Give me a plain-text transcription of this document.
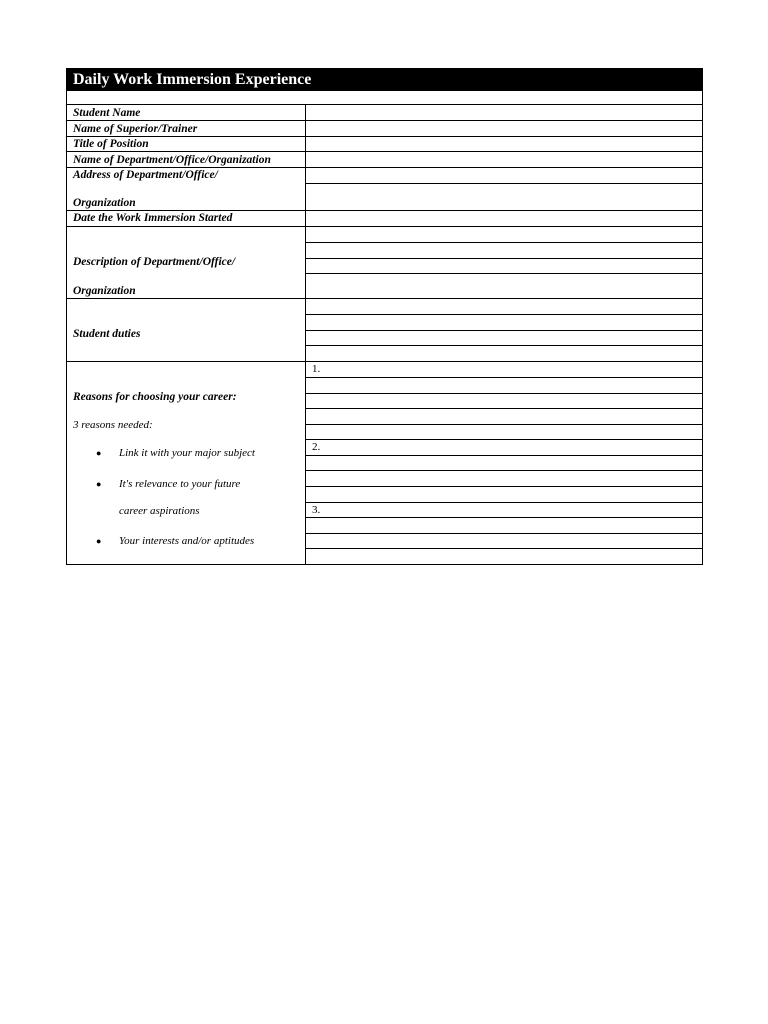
Daily Work Immersion Experience
Student Name
Name of Superior/Trainer
Title of Position
Name of Department/Office/Organization
Address of Department/Office/
Organization
Date the Work Immersion Started
Description of Department/Office/
Organization
Student duties
Reasons for choosing your career:
3 reasons needed:
● Link it with your major subject
● It's relevance to your future
career aspirations
● Your interests and/or aptitudes
1.
2.
3.
